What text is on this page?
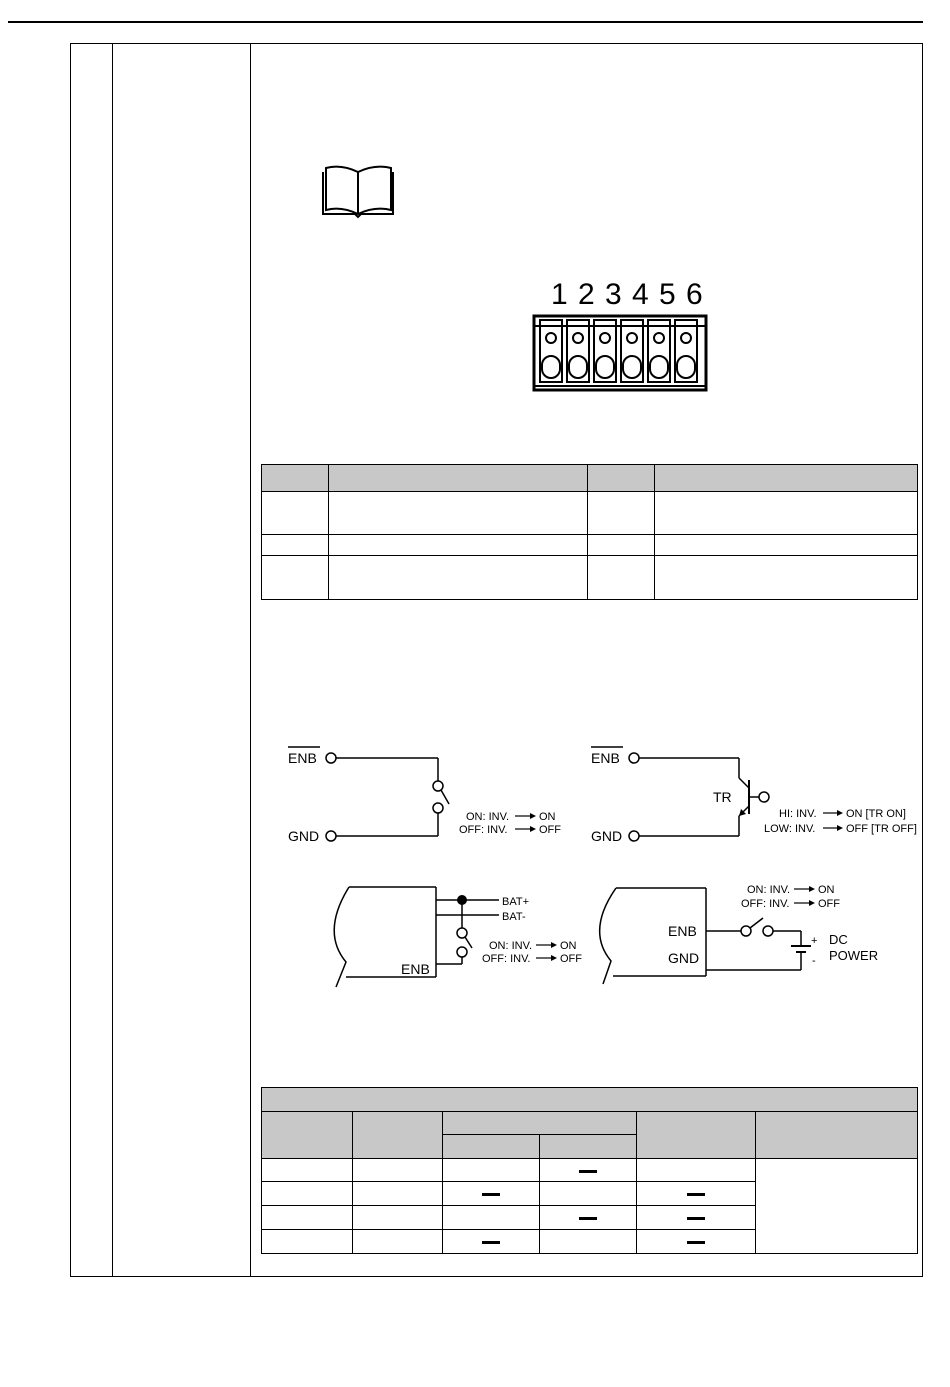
1 2 3 4 5 6

ENB
GND
ON: INV.	ON
OFF: INV.	OFF
ENB
GND
TR
HI: INV.	ON [TR ON]
LOW: INV.	OFF [TR OFF]
ENB
BAT+
BAT-
ON: INV.	ON
OFF: INV.	OFF
ENB
GND
ON: INV.	ON
OFF: INV.	OFF
+
-
DC
POWER
